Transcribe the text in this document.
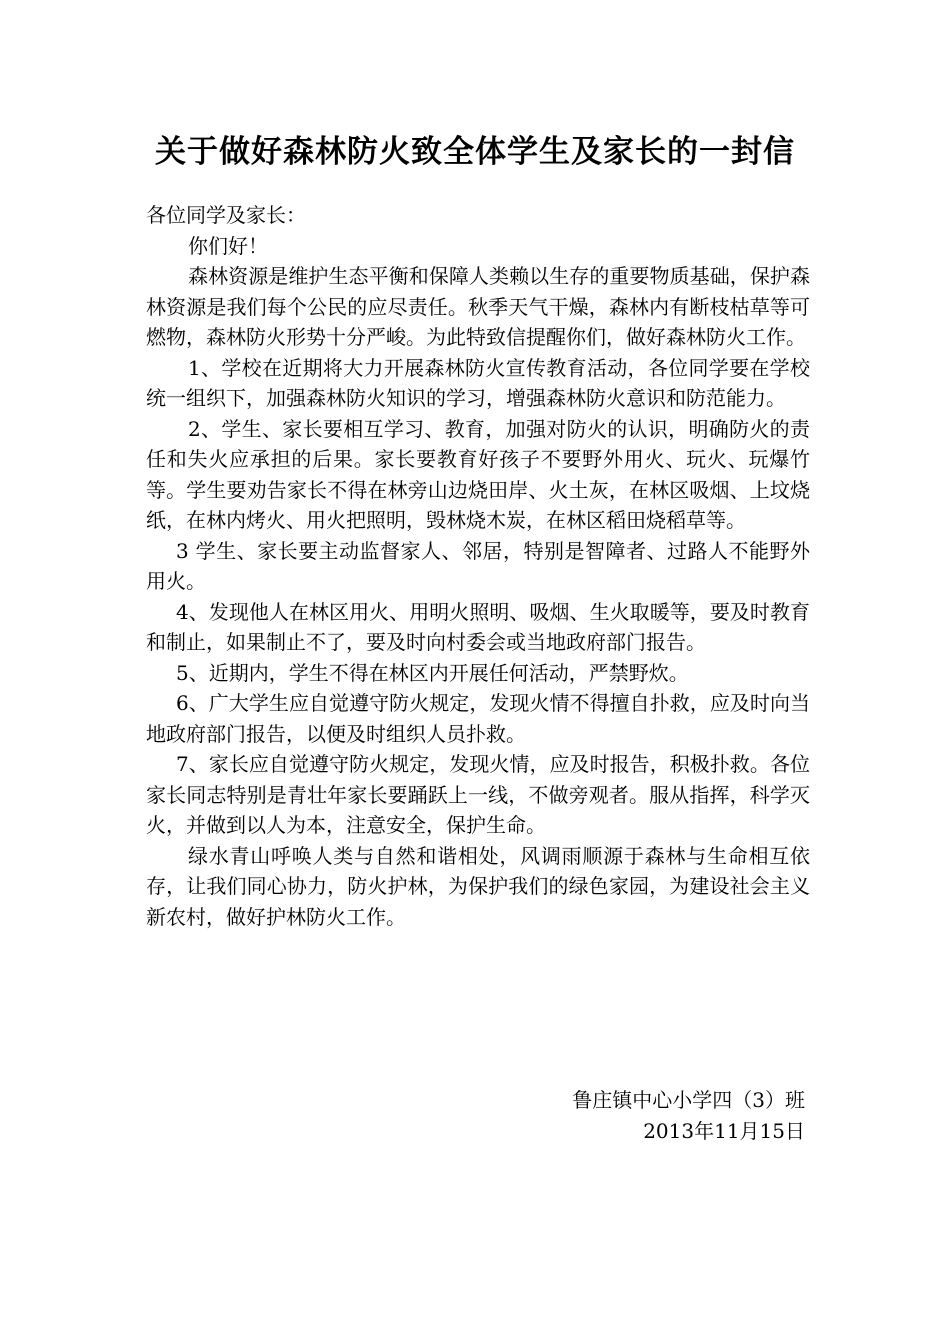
关于做好森林防火致全体学生及家长的一封信

各位同学及家长：

你们好！

森林资源是维护生态平衡和保障人类赖以生存的重要物质基础，保护森林资源是我们每个公民的应尽责任。秋季天气干燥，森林内有断枝枯草等可燃物，森林防火形势十分严峻。为此特致信提醒你们，做好森林防火工作。

1、学校在近期将大力开展森林防火宣传教育活动，各位同学要在学校统一组织下，加强森林防火知识的学习，增强森林防火意识和防范能力。

2、学生、家长要相互学习、教育，加强对防火的认识，明确防火的责任和失火应承担的后果。家长要教育好孩子不要野外用火、玩火、玩爆竹等。学生要劝告家长不得在林旁山边烧田岸、火土灰，在林区吸烟、上坟烧纸，在林内烤火、用火把照明，毁林烧木炭，在林区稻田烧稻草等。

3 学生、家长要主动监督家人、邻居，特别是智障者、过路人不能野外用火。

4、发现他人在林区用火、用明火照明、吸烟、生火取暖等，要及时教育和制止，如果制止不了，要及时向村委会或当地政府部门报告。

5、近期内，学生不得在林区内开展任何活动，严禁野炊。

6、广大学生应自觉遵守防火规定，发现火情不得擅自扑救，应及时向当地政府部门报告，以便及时组织人员扑救。

7、家长应自觉遵守防火规定，发现火情，应及时报告，积极扑救。各位家长同志特别是青壮年家长要踊跃上一线，不做旁观者。服从指挥，科学灭火，并做到以人为本，注意安全，保护生命。

绿水青山呼唤人类与自然和谐相处，风调雨顺源于森林与生命相互依存，让我们同心协力，防火护林，为保护我们的绿色家园，为建设社会主义新农村，做好护林防火工作。

鲁庄镇中心小学四（3）班
2013年11月15日
